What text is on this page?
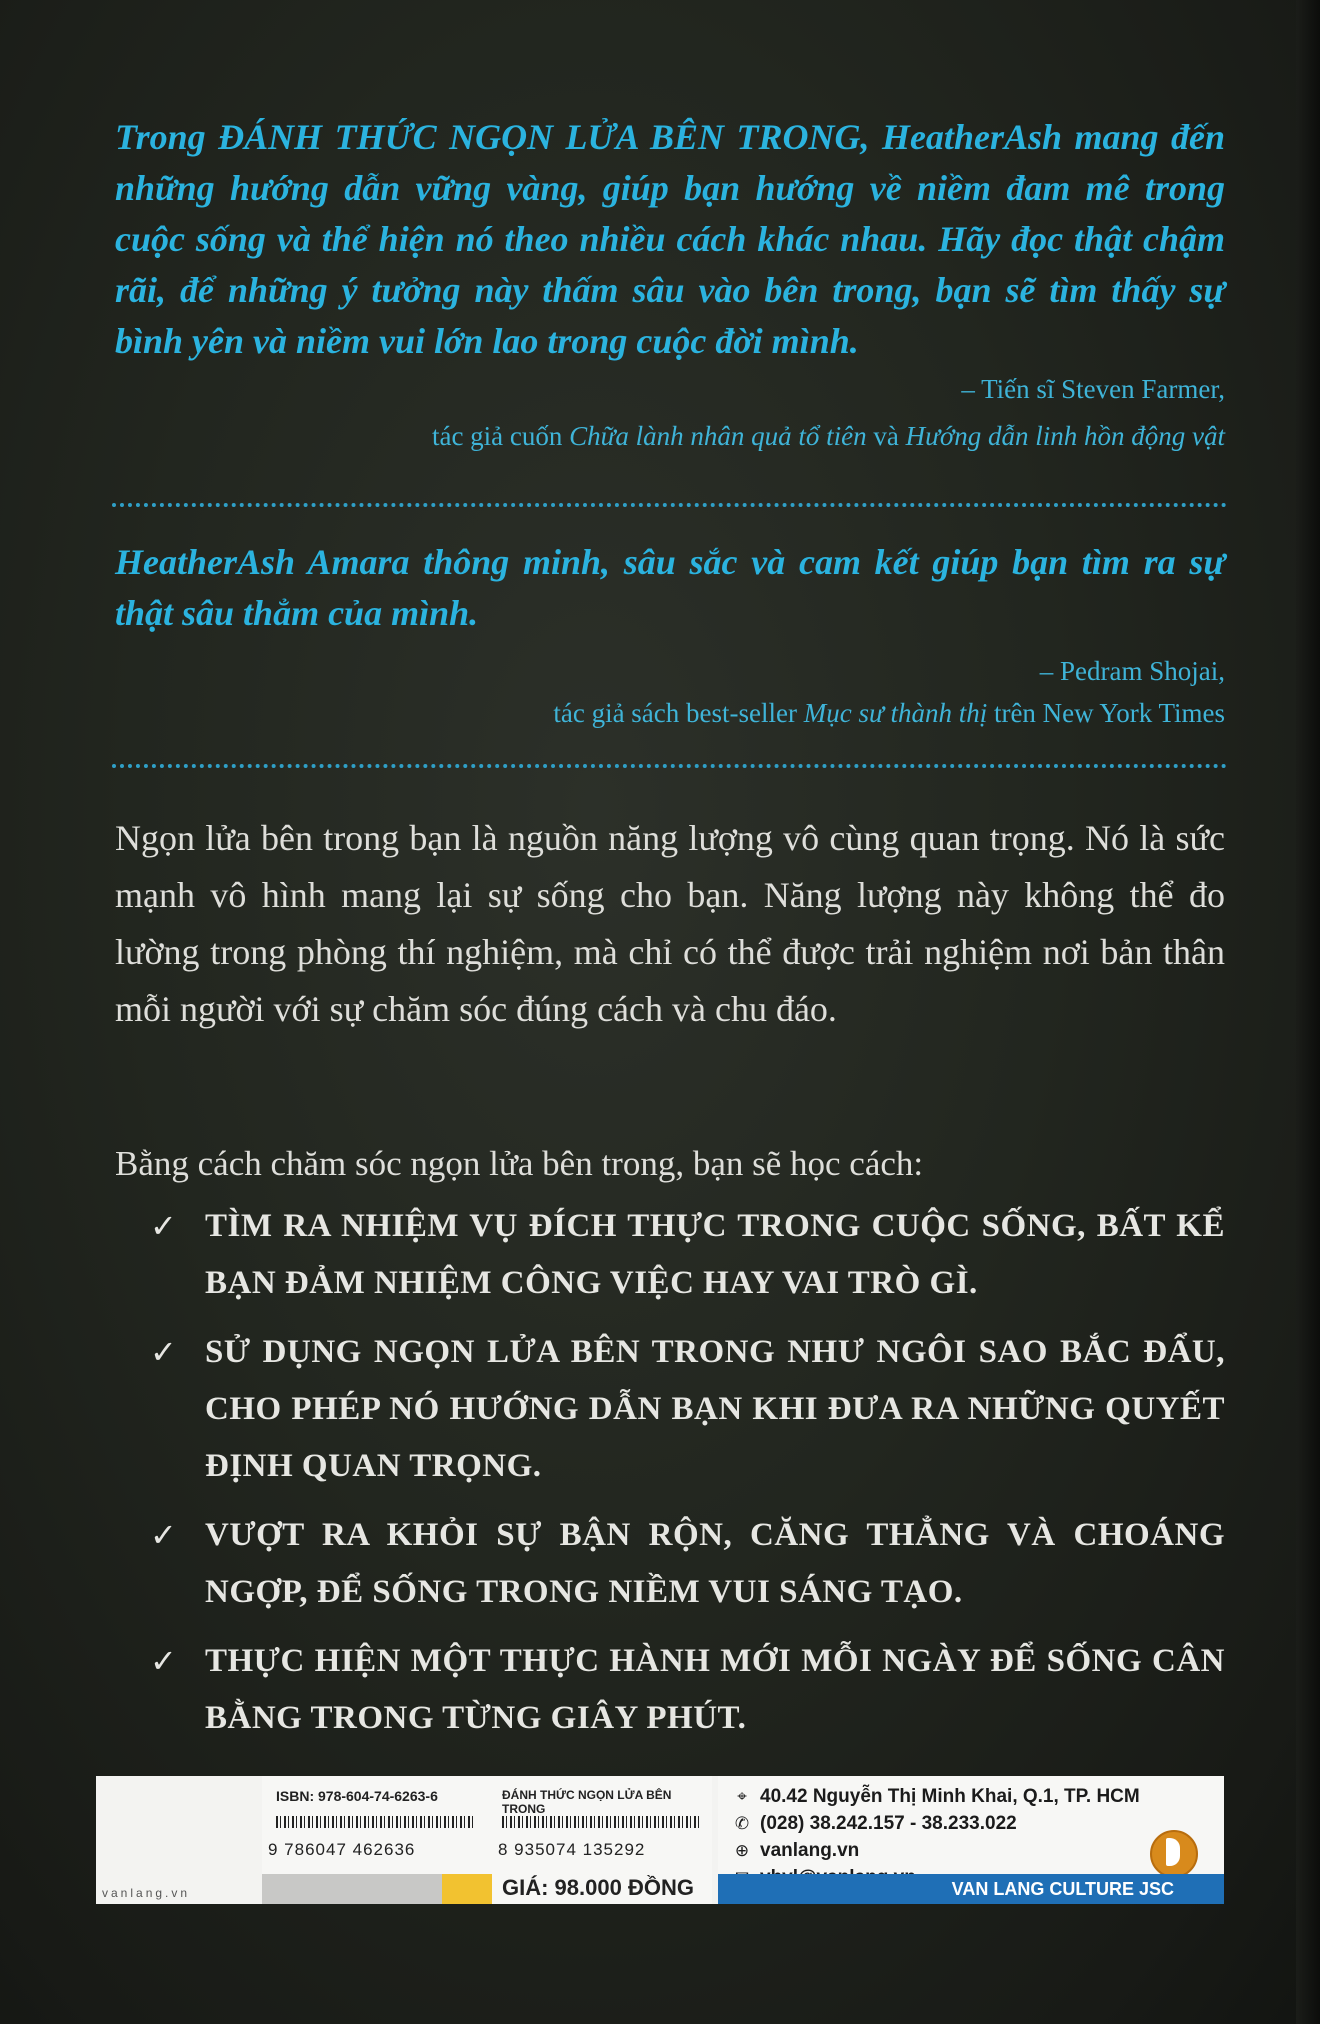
Trong ĐÁNH THỨC NGỌN LỬA BÊN TRONG, HeatherAsh mang đến những hướng dẫn vững vàng, giúp bạn hướng về niềm đam mê trong cuộc sống và thể hiện nó theo nhiều cách khác nhau. Hãy đọc thật chậm rãi, để những ý tưởng này thấm sâu vào bên trong, bạn sẽ tìm thấy sự bình yên và niềm vui lớn lao trong cuộc đời mình.
– Tiến sĩ Steven Farmer,
tác giả cuốn Chữa lành nhân quả tổ tiên và Hướng dẫn linh hồn động vật
HeatherAsh Amara thông minh, sâu sắc và cam kết giúp bạn tìm ra sự thật sâu thẳm của mình.
– Pedram Shojai,
tác giả sách best-seller Mục sư thành thị trên New York Times
Ngọn lửa bên trong bạn là nguồn năng lượng vô cùng quan trọng. Nó là sức mạnh vô hình mang lại sự sống cho bạn. Năng lượng này không thể đo lường trong phòng thí nghiệm, mà chỉ có thể được trải nghiệm nơi bản thân mỗi người với sự chăm sóc đúng cách và chu đáo.
Bằng cách chăm sóc ngọn lửa bên trong, bạn sẽ học cách:
✓ TÌM RA NHIỆM VỤ ĐÍCH THỰC TRONG CUỘC SỐNG, BẤT KỂ BẠN ĐẢM NHIỆM CÔNG VIỆC HAY VAI TRÒ GÌ.
✓ SỬ DỤNG NGỌN LỬA BÊN TRONG NHƯ NGÔI SAO BẮC ĐẨU, CHO PHÉP NÓ HƯỚNG DẪN BẠN KHI ĐƯA RA NHỮNG QUYẾT ĐỊNH QUAN TRỌNG.
✓ VƯỢT RA KHỎI SỰ BẬN RỘN, CĂNG THẲNG VÀ CHOÁNG NGỢP, ĐỂ SỐNG TRONG NIỀM VUI SÁNG TẠO.
✓ THỰC HIỆN MỘT THỰC HÀNH MỚI MỖI NGÀY ĐỂ SỐNG CÂN BẰNG TRONG TỪNG GIÂY PHÚT.
vanlang.vn
ISBN: 978-604-74-6263-6	ĐÁNH THỨC NGỌN LỬA BÊN TRONG
9 786047 462636	8 935074 135292
GIÁ: 98.000 ĐỒNG
⌖ 40.42 Nguyễn Thị Minh Khai, Q.1, TP. HCM
✆ (028) 38.242.157 - 38.233.022
⊕ vanlang.vn
VAN LANG CULTURE JSC
